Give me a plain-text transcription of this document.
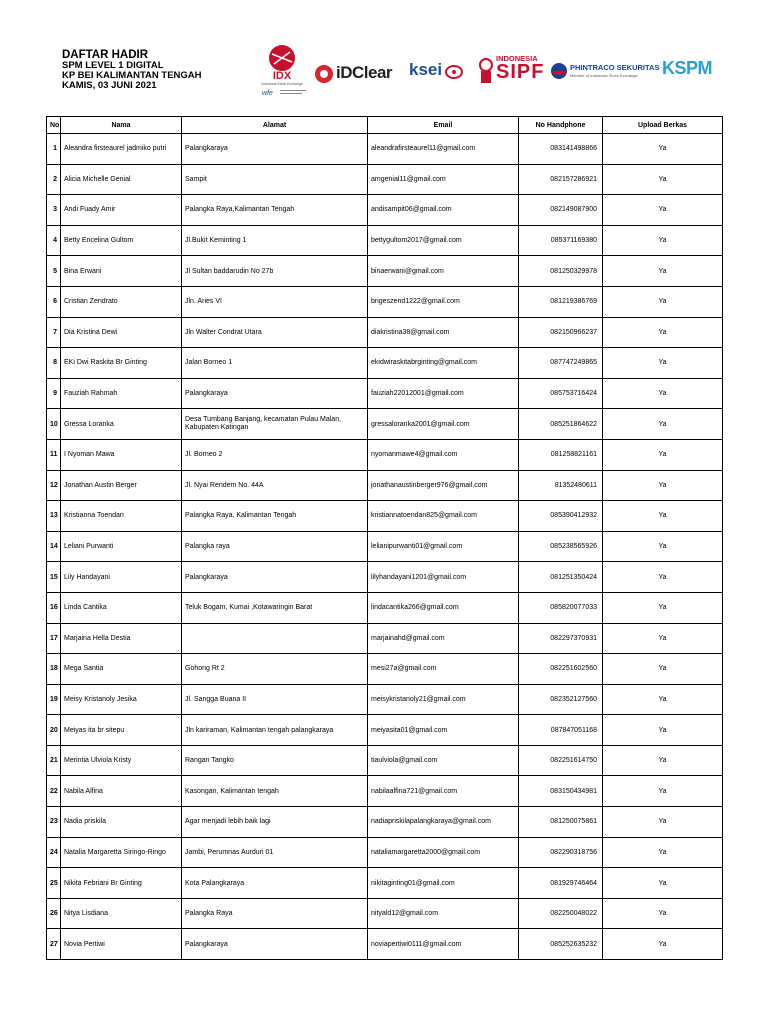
DAFTAR HADIR
SPM LEVEL 1 DIGITAL
KP BEI KALIMANTAN TENGAH
KAMIS, 03 JUNI 2021
IDX
Indonesia Stock Exchange
wfe
iDClear ksei
INDONESIA
SIPF	PHINTRACO SEKURITAS
Member of Indonesia Stock Exchange KSPM
No	Nama	Alamat	Email	No Handphone	Upload Berkas
1	Aleandra firsteaurel jadmiko putri	Palangkaraya	aleandrafirsteaurel11@gmail.com	083141498866	Ya
2	Alicia Michelle Genial	Sampit	amgenial11@gmail.com	082157286921	Ya
3	Andi Fuady Amir	Palangka Raya,Kalimantan Tengah	andisampit06@gmail.com	082149087900	Ya
4	Betty Encelina Gultom	Jl.Bukit Keminting 1	bettygultom2017@gmail.com	085371169380	Ya
5	Bina Erwani	Jl Sultan baddarudin No 27b	binaerwani@gmail.com	081250329978	Ya
6	Cristian Zendrato	Jln. Aries VI	brigeszend1222@gmail.com	081219386769	Ya
7	Dia Kristina Dewi	Jln Walter Condrat Utara	diakristina38@gmail.com	082150966237	Ya
8	EKi Dwi Raskita Br Ginting	Jalan Borneo 1	ekidwiraskitabrginting@gmail.com	087747249865	Ya
9	Fauziah Rahmah	Palangkaraya	fauziah22012001@gmail.com	085753716424	Ya
10	Gressa Loranka	Desa Tumbang Banjang, kecamatan Pulau Malan, Kabupaten Katingan	gressaloranka2001@gmail.com	085251864622	Ya
11	I Nyoman Mawa	Jl. Borneo 2	nyomanmawe4@gmail.com	081258821161	Ya
12	Jonathan Austin Berger	Jl. Nyai Rendem No. 44A	jonathanaustinberger976@gmail.com	81352480611	Ya
13	Kristianna Toendan	Palangka Raya, Kalimantan Tengah	kristiannatoendan825@gmail.com	085390412932	Ya
14	Leliani Purwanti	Palangka raya	lelianipurwanti01@gmail.com	085238565926	Ya
15	Lily Handayani	Palangkaraya	lilyhandayani1201@gmail.com	081251350424	Ya
16	Linda Cantika	Teluk Bogam, Kumai ,Kotawaringin Barat	lindacantika266@gmail.com	085820077033	Ya
17	Marjaina Hella Destia		marjainahd@gmail.com	082297370931	Ya
18	Mega Santia	Gohong Rt 2	mesi27a@gmail.com	082251602560	Ya
19	Meisy Kristanoly Jesika	Jl. Sangga Buana II	meisykristanoly21@gmail.com	082352127560	Ya
20	Meiyas ita br sitepu	Jln kariraman, Kalimantan tengah palangkaraya	meiyasita01@gmail.com	087847051168	Ya
21	Merintia Ulviola Kristy	Rangan Tangko	tiaulviola@gmail.com	082251614750	Ya
22	Nabila Alfina	Kasongan, Kalimantan tengah	nabilaalfina721@gmail.com	083150434981	Ya
23	Nadia priskila	Agar menjadi lebih baik lagi	nadiapriskilapalangkaraya@gmail.com	081250075861	Ya
24	Natalia Margaretta Siringo-Ringo	Jambi, Perumnas Aurduri 01	nataliamargaretta2000@gmail.com	082290318756	Ya
25	Nikita Febriani Br Ginting	Kota Palangkaraya	nikitaginting01@gmail.com	081929746464	Ya
26	Nitya Lisdiana	Palangka Raya	nityald12@gmail.com	082250048022	Ya
27	Novia Pertiwi	Palangkaraya	noviapertiwi0111@gmail.com	085252635232	Ya
